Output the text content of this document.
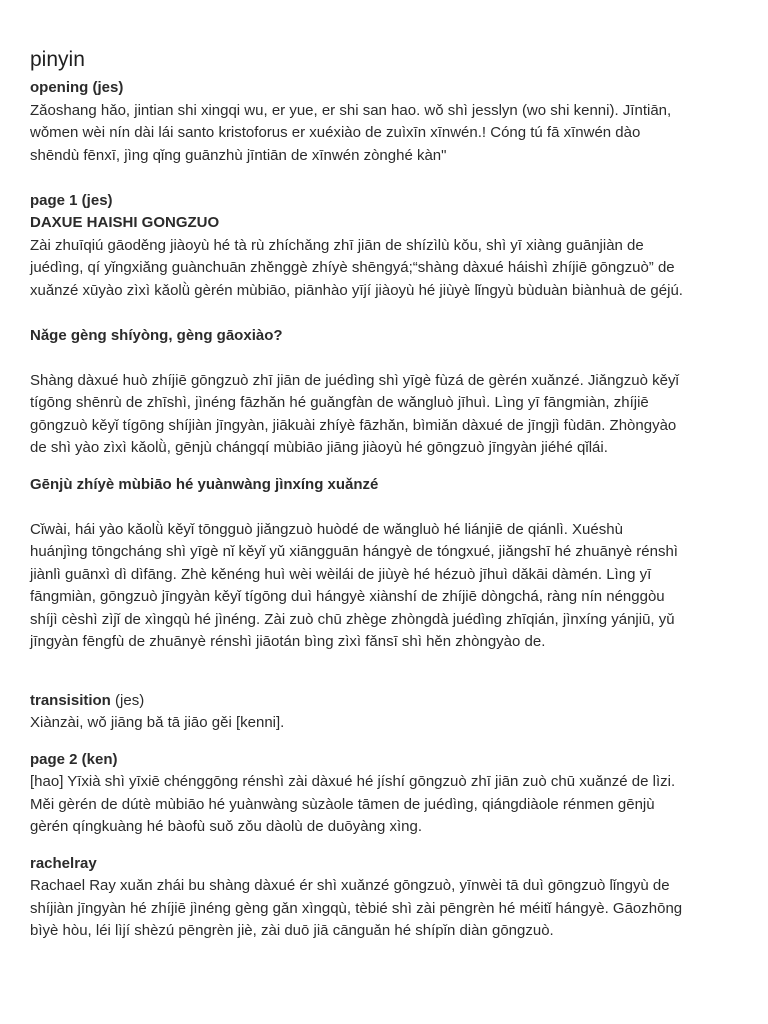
pinyin

opening (jes)

Zǎoshang hǎo, jintian shi xingqi wu, er yue, er shi san hao. wǒ shì jesslyn (wo shi kenni). Jīntiān,

wǒmen wèi nín dài lái santo kristoforus er xuéxiào de zuìxīn xīnwén.! Cóng tú fā xīnwén dào

shēndù fēnxī, jìng qǐng guānzhù jīntiān de xīnwén zònghé kàn"

page 1 (jes)

DAXUE HAISHI GONGZUO

Zài zhuīqiú gāoděng jiàoyù hé tà rù zhíchǎng zhī jiān de shízìlù kǒu, shì yī xiàng guānjiàn de

juédìng, qí yǐngxiǎng guànchuān zhěnggè zhíyè shēngyá;“shàng dàxué háishì zhíjiē gōngzuò” de

xuǎnzé xūyào zìxì kǎolǜ gèrén mùbiāo, piānhào yījí jiàoyù hé jiùyè lǐngyù bùduàn biànhuà de géjú.

Nǎge gèng shíyòng, gèng gāoxiào?

Shàng dàxué huò zhíjiē gōngzuò zhī jiān de juédìng shì yīgè fùzá de gèrén xuǎnzé. Jiǎngzuò kěyǐ

tígōng shēnrù de zhīshì, jìnéng fāzhǎn hé guǎngfàn de wǎngluò jīhuì. Lìng yī fāngmiàn, zhíjiē

gōngzuò kěyǐ tígōng shíjiàn jīngyàn, jiākuài zhíyè fāzhǎn, bìmiǎn dàxué de jīngjì fùdān. Zhòngyào

de shì yào zìxì kǎolǜ, gēnjù chángqí mùbiāo jiāng jiàoyù hé gōngzuò jīngyàn jiéhé qǐlái.

Gēnjù zhíyè mùbiāo hé yuànwàng jìnxíng xuǎnzé

Cǐwài, hái yào kǎolǜ kěyǐ tōngguò jiǎngzuò huòdé de wǎngluò hé liánjiē de qiánlì. Xuéshù

huánjìng tōngcháng shì yīgè nǐ kěyǐ yǔ xiāngguān hángyè de tóngxué, jiǎngshī hé zhuānyè rénshì

jiànlì guānxì dì dìfāng. Zhè kěnéng huì wèi wèilái de jiùyè hé hézuò jīhuì dǎkāi dàmén. Lìng yī

fāngmiàn, gōngzuò jīngyàn kěyǐ tígōng duì hángyè xiànshí de zhíjiē dòngchá, ràng nín nénggòu

shíjì cèshì zìjǐ de xìngqù hé jìnéng. Zài zuò chū zhège zhòngdà juédìng zhīqián, jìnxíng yánjiū, yǔ

jīngyàn fēngfù de zhuānyè rénshì jiāotán bìng zìxì fǎnsī shì hěn zhòngyào de.

transisition (jes)

Xiànzài, wǒ jiāng bǎ tā jiāo gěi [kenni].

page 2 (ken)

[hao] Yīxià shì yīxiē chénggōng rénshì zài dàxué hé jíshí gōngzuò zhī jiān zuò chū xuǎnzé de lìzi.

Měi gèrén de dútè mùbiāo hé yuànwàng sùzàole tāmen de juédìng, qiángdiàole rénmen gēnjù

gèrén qíngkuàng hé bàofù suǒ zǒu dàolù de duōyàng xìng.

rachelray

Rachael Ray xuǎn zhái bu shàng dàxué ér shì xuǎnzé gōngzuò, yīnwèi tā duì gōngzuò lǐngyù de

shíjiàn jīngyàn hé zhíjiē jìnéng gèng gǎn xìngqù, tèbié shì zài pēngrèn hé méitǐ hángyè. Gāozhōng

bìyè hòu, léi lìjí shèzú pēngrèn jiè, zài duō jiā cānguǎn hé shípǐn diàn gōngzuò.
